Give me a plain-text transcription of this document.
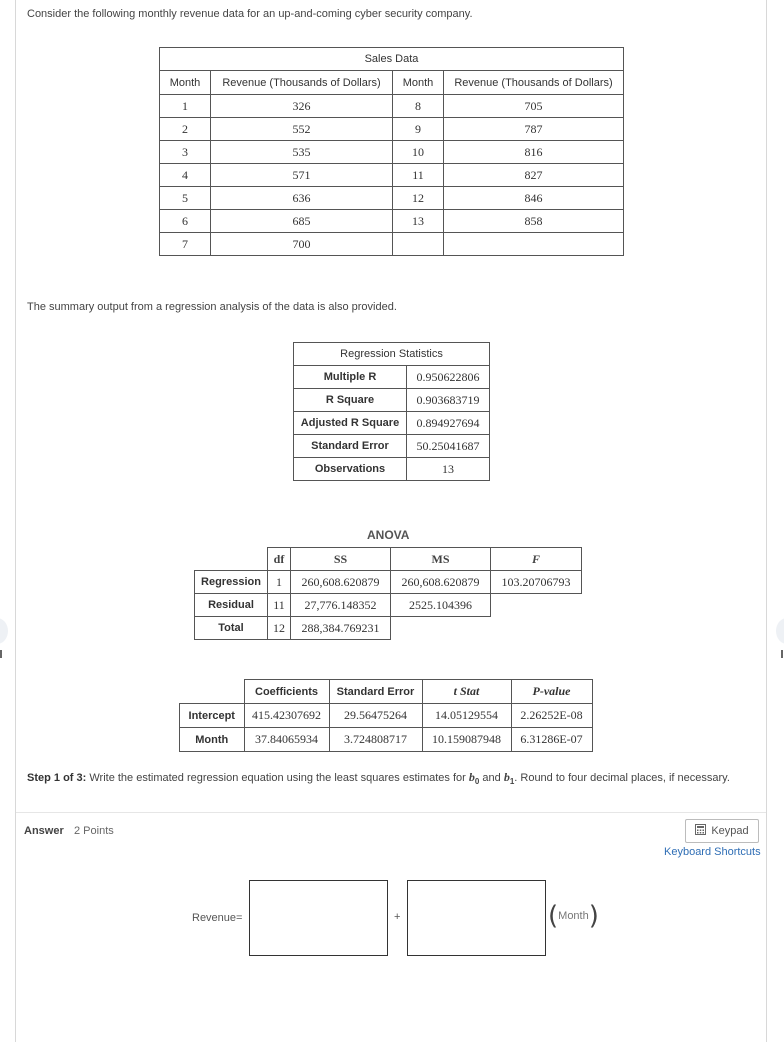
Consider the following monthly revenue data for an up-and-coming cyber security company.
Sales Data			
Month	Revenue (Thousands of Dollars)	Month	Revenue (Thousands of Dollars)
1	326	8	705
2	552	9	787
3	535	10	816
4	571	11	827
5	636	12	846
6	685	13	858
7	700		
The summary output from a regression analysis of the data is also provided.
Regression Statistics	
Multiple R	0.950622806
R Square	0.903683719
Adjusted R Square	0.894927694
Standard Error	50.25041687
Observations	13
ANOVA
	df	SS	MS	F
Regression	1	260,608.620879	260,608.620879	103.20706793
Residual	11	27,776.148352	2525.104396	
Total	12	288,384.769231		
	Coefficients	Standard Error	t Stat	P-value
Intercept	415.42307692	29.56475264	14.05129554	2.26252E-08
Month	37.84065934	3.724808717	10.159087948	6.31286E-07
Step 1 of 3: Write the estimated regression equation using the least squares estimates for $b_0$ and $b_1$. Round to four decimal places, if necessary.
Answer 2 Points	Keypad
Keyboard Shortcuts
Revenue=	+	( Month )
